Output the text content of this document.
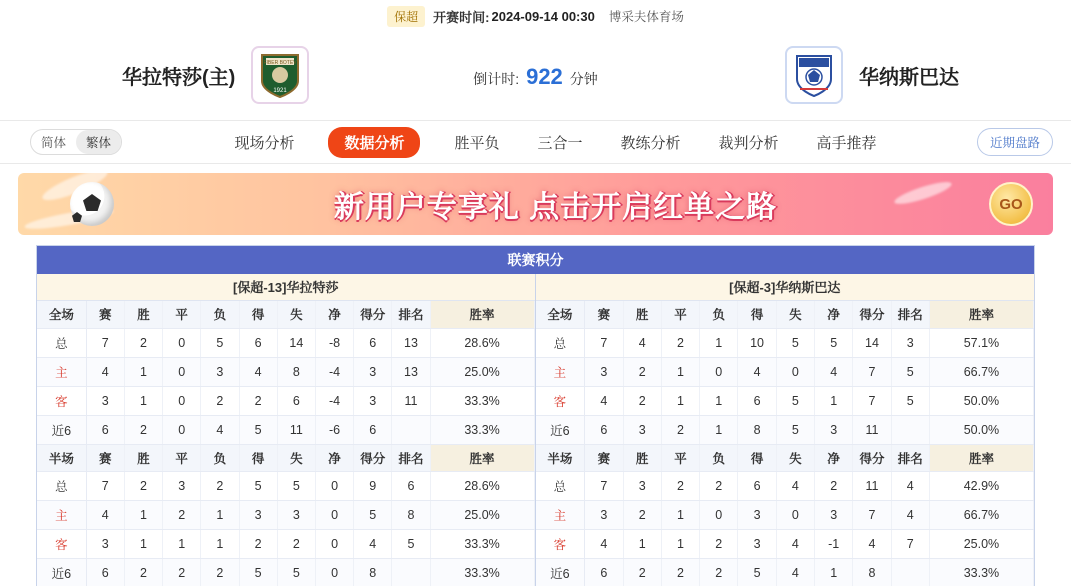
保超	开赛时间: 2024-09-14 00:30 博采夫体育场
华拉特莎(主)
FIBER BOTEV
1921
倒计时: 922 分钟	华纳斯巴达
简体	繁体	现场分析	数据分析	胜平负	三合一	教练分析	裁判分析	高手推荐	近期盘路
新用户专享礼 点击开启红单之路	GO
联赛积分
[保超-13]华拉特莎
全场	赛	胜	平	负	得	失	净	得分	排名	胜率
总	7	2	0	5	6	14	-8	6	13	28.6%
主	4	1	0	3	4	8	-4	3	13	25.0%
客	3	1	0	2	2	6	-4	3	11	33.3%
近6	6	2	0	4	5	11	-6	6		33.3%
半场	赛	胜	平	负	得	失	净	得分	排名	胜率
总	7	2	3	2	5	5	0	9	6	28.6%
主	4	1	2	1	3	3	0	5	8	25.0%
客	3	1	1	1	2	2	0	4	5	33.3%
近6	6	2	2	2	5	5	0	8		33.3%
[保超-3]华纳斯巴达
全场	赛	胜	平	负	得	失	净	得分	排名	胜率
总	7	4	2	1	10	5	5	14	3	57.1%
主	3	2	1	0	4	0	4	7	5	66.7%
客	4	2	1	1	6	5	1	7	5	50.0%
近6	6	3	2	1	8	5	3	11		50.0%
半场	赛	胜	平	负	得	失	净	得分	排名	胜率
总	7	3	2	2	6	4	2	11	4	42.9%
主	3	2	1	0	3	0	3	7	4	66.7%
客	4	1	1	2	3	4	-1	4	7	25.0%
近6	6	2	2	2	5	4	1	8		33.3%
